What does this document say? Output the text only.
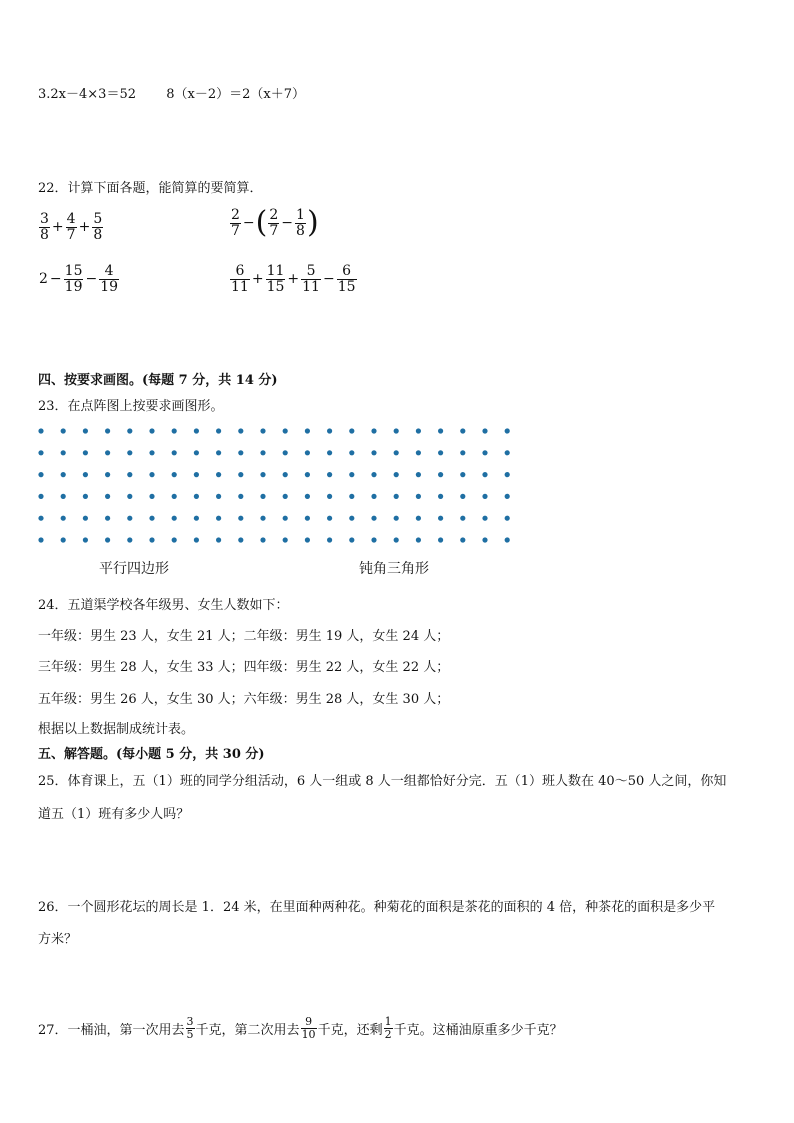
3.2x－4×3＝52 8（x－2）＝2（x＋7）
22．计算下面各题，能简算的要简算．
$\frac{3}{8} + \frac{4}{7} + \frac{5}{8}$	$\frac{2}{7}$ − ( $\frac{2}{7} - \frac{1}{8}$ )
$2 - \frac{15}{19} - \frac{4}{19}$	$\frac{6}{11} + \frac{11}{15} + \frac{5}{11} - \frac{6}{15}$
四、按要求画图。(每题 7 分，共 14 分)
23．在点阵图上按要求画图形。
平行四边形	钝角三角形
24．五道渠学校各年级男、女生人数如下：
一年级：男生 23 人，女生 21 人；二年级：男生 19 人，女生 24 人；
三年级：男生 28 人，女生 33 人；四年级：男生 22 人，女生 22 人；
五年级：男生 26 人，女生 30 人；六年级：男生 28 人，女生 30 人；
根据以上数据制成统计表。
五、解答题。(每小题 5 分，共 30 分)
25．体育课上，五（1）班的同学分组活动，6 人一组或 8 人一组都恰好分完．五（1）班人数在 40～50 人之间，你知
道五（1）班有多少人吗？
26．一个圆形花坛的周长是 1．24 米，在里面种两种花。种菊花的面积是茶花的面积的 4 倍，种茶花的面积是多少平
方米？
27．一桶油，第一次用去 $\frac{3}{5}$ 千克，第二次用去 $\frac{9}{10}$ 千克，还剩 $\frac{1}{2}$ 千克。这桶油原重多少千克？
